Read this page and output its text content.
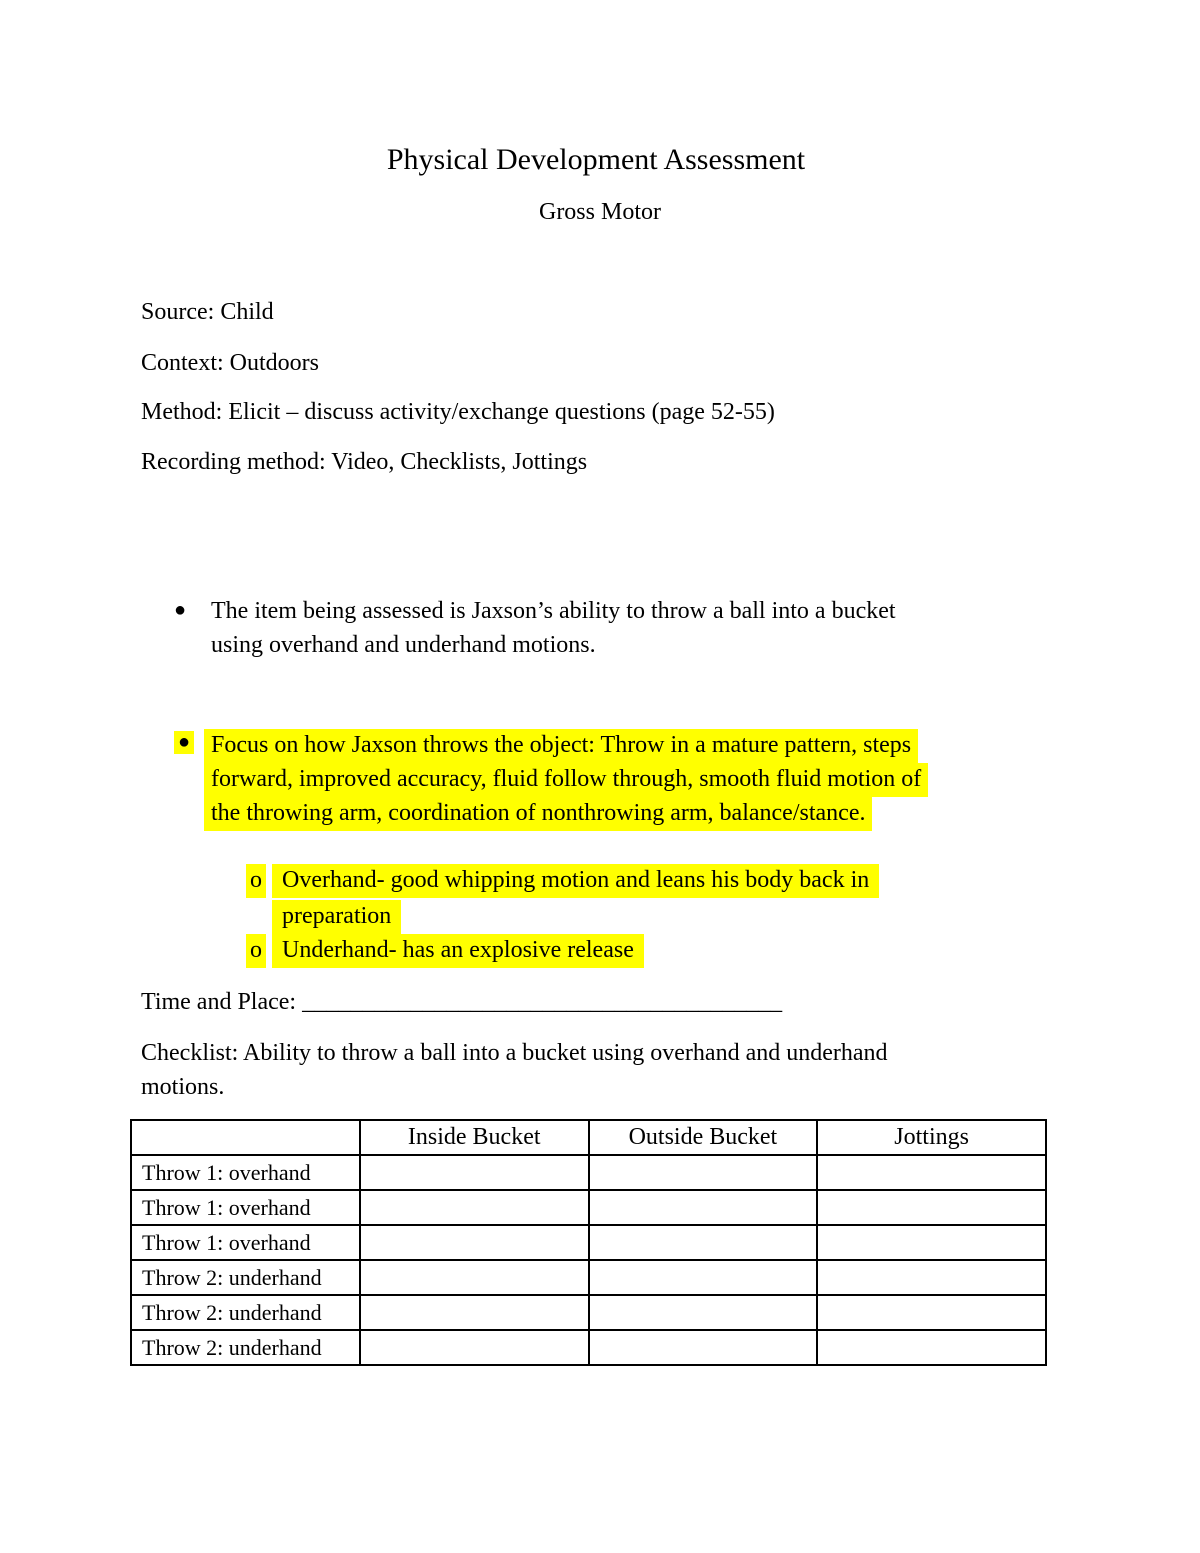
Physical Development Assessment
Gross Motor
Source: Child
Context: Outdoors
Method: Elicit – discuss activity/exchange questions (page 52-55)
Recording method: Video, Checklists, Jottings
● The item being assessed is Jaxson’s ability to throw a ball into a bucket
using overhand and underhand motions.
● Focus on how Jaxson throws the object: Throw in a mature pattern, steps
forward, improved accuracy, fluid follow through, smooth fluid motion of
the throwing arm, coordination of nonthrowing arm, balance/stance.
o Overhand- good whipping motion and leans his body back in
preparation
o Underhand- has an explosive release
Time and Place: ________________________________________
Checklist: Ability to throw a ball into a bucket using overhand and underhand
motions.
	Inside Bucket	Outside Bucket	Jottings
Throw 1: overhand			
Throw 1: overhand			
Throw 1: overhand			
Throw 2: underhand			
Throw 2: underhand			
Throw 2: underhand			
